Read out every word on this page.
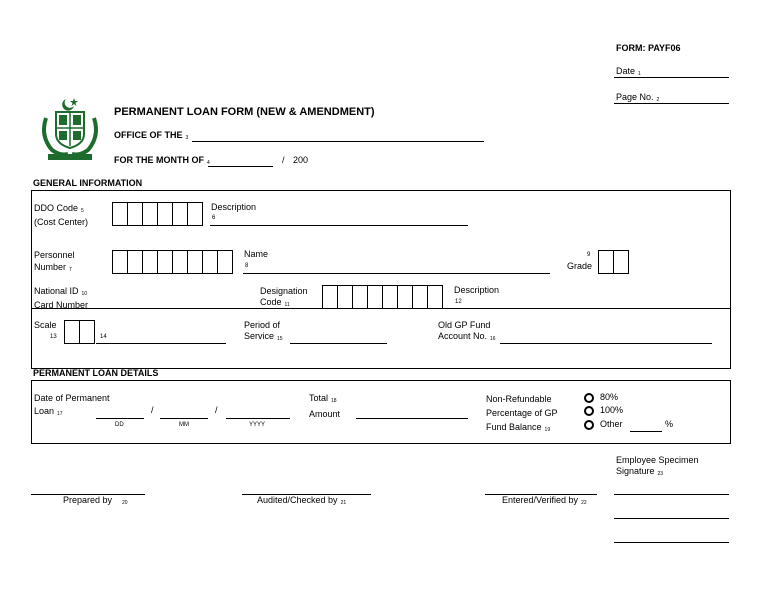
FORM: PAYF06
Date $_1$
Page No. $_2$
PERMANENT LOAN FORM (NEW & AMENDMENT)
OFFICE OF THE $_3$
FOR THE MONTH OF $_4$	/ 200
GENERAL INFORMATION
DDO Code $_5$
(Cost Center)
Description
6
Personnel
Number $_7$
Name
8
9
Grade
National ID $_{10}$
Card Number
Designation
Code $_{11}$
Description
12
Scale
13	14
Period of
Service $_{15}$
Old GP Fund
Account No. $_{16}$
PERMANENT LOAN DETAILS
Date of Permanent
Loan $_{17}$	/	/
DD	MM	YYYY
Total $_{18}$
Amount
Non-Refundable
Percentage of GP
Fund Balance $_{19}$
80%
100%
Other	%
Employee Specimen
Signature $_{23}$
Prepared by $_{20}$	Audited/Checked by $_{21}$	Entered/Verified by $_{22}$
